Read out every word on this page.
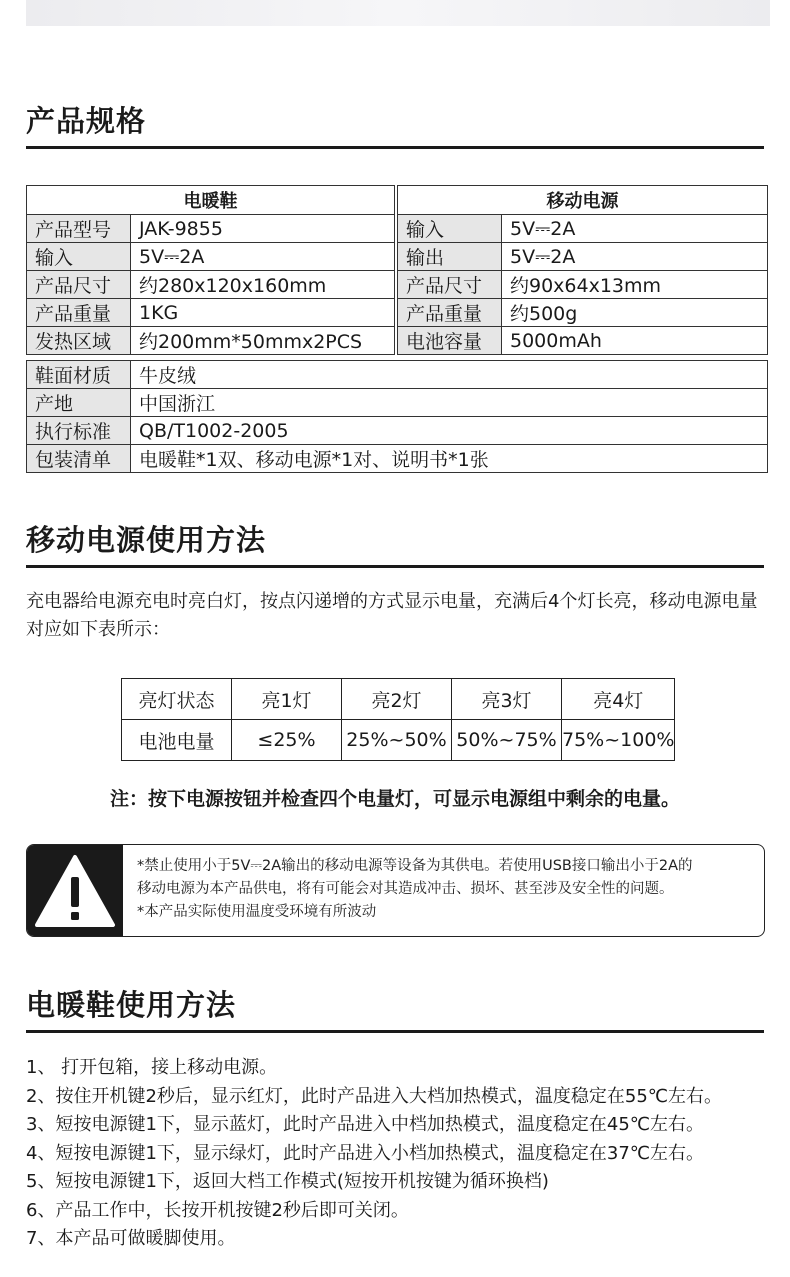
产品规格
电暖鞋	
产品型号	JAK-9855
输入	5V⎓2A
产品尺寸	约280x120x160mm
产品重量	1KG
发热区域	约200mm*50mmx2PCS
移动电源	
输入	5V⎓2A
输出	5V⎓2A
产品尺寸	约90x64x13mm
产品重量	约500g
电池容量	5000mAh
鞋面材质	牛皮绒
产地	中国浙江
执行标准	QB/T1002-2005
包装清单	电暖鞋*1双、移动电源*1对、说明书*1张
移动电源使用方法

充电器给电源充电时亮白灯，按点闪递增的方式显示电量，充满后4个灯长亮，移动电源电量对应如下表所示：

亮灯状态	亮1灯	亮2灯	亮3灯	亮4灯
电池电量	≤25%	25%~50%	50%~75%	75%~100%
注：按下电源按钮并检查四个电量灯，可显示电源组中剩余的电量。
*禁止使用小于5V⎓2A输出的移动电源等设备为其供电。若使用USB接口输出小于2A的
移动电源为本产品供电，将有可能会对其造成冲击、损坏、甚至涉及安全性的问题。
*本产品实际使用温度受环境有所波动
电暖鞋使用方法
1、 打开包箱，接上移动电源。
2、按住开机键2秒后，显示红灯，此时产品进入大档加热模式，温度稳定在55℃左右。
3、短按电源键1下，显示蓝灯，此时产品进入中档加热模式，温度稳定在45℃左右。
4、短按电源键1下，显示绿灯，此时产品进入小档加热模式，温度稳定在37℃左右。
5、短按电源键1下，返回大档工作模式(短按开机按键为循环换档)
6、产品工作中，长按开机按键2秒后即可关闭。
7、本产品可做暖脚使用。
